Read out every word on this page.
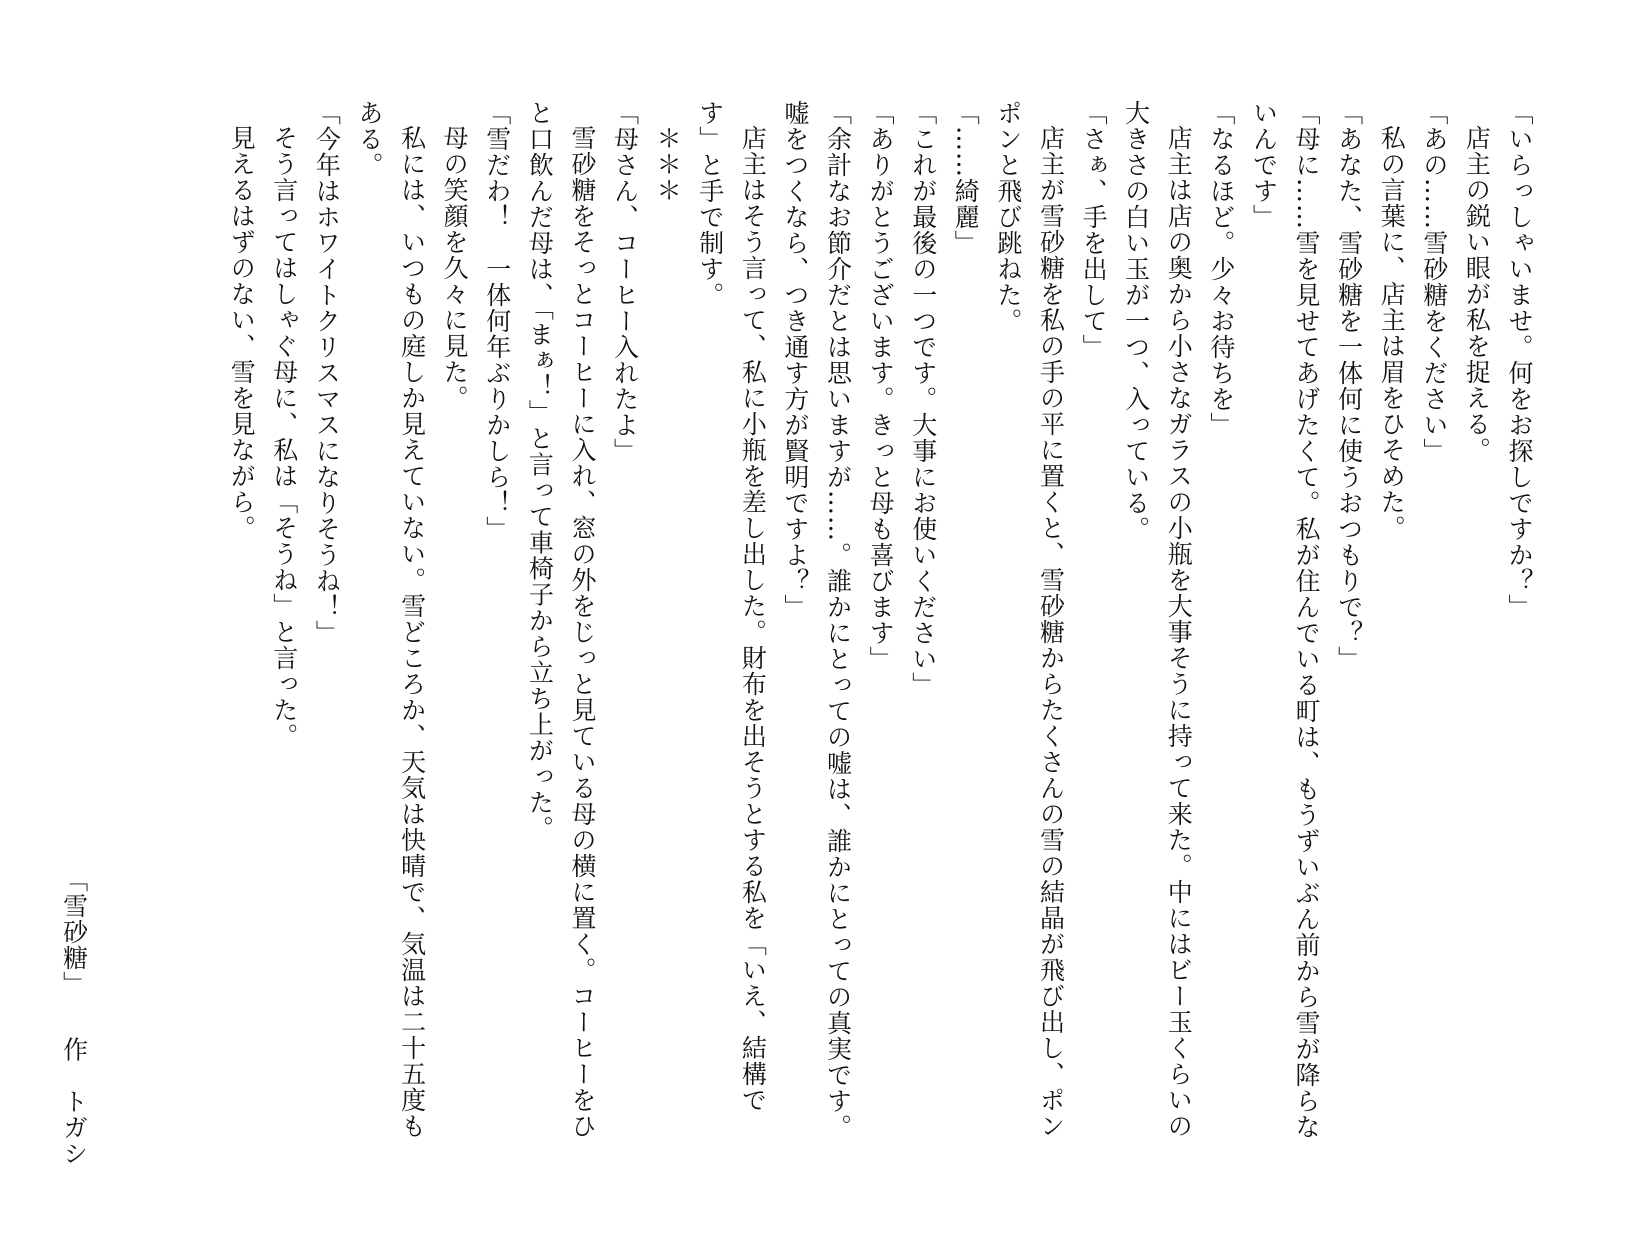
「いらっしゃいませ。何をお探しですか？」
店主の鋭い眼が私を捉える。
「あの……雪砂糖をください」
私の言葉に、店主は眉をひそめた。
「あなた、雪砂糖を一体何に使うおつもりで？」
「母に……雪を見せてあげたくて。私が住んでいる町は、もうずいぶん前から雪が降らないんです」
「なるほど。少々お待ちを」
店主は店の奥から小さなガラスの小瓶を大事そうに持って来た。中にはビー玉くらいの大きさの白い玉が一つ、入っている。
「さぁ、手を出して」
店主が雪砂糖を私の手の平に置くと、雪砂糖からたくさんの雪の結晶が飛び出し、ポンポンと飛び跳ねた。
「……綺麗」
「これが最後の一つです。大事にお使いください」
「ありがとうございます。きっと母も喜びます」
「余計なお節介だとは思いますが……。誰かにとっての嘘は、誰かにとっての真実です。嘘をつくなら、つき通す方が賢明ですよ？」
店主はそう言って、私に小瓶を差し出した。財布を出そうとする私を「いえ、結構です」と手で制す。
＊＊＊
「母さん、コーヒー入れたよ」
雪砂糖をそっとコーヒーに入れ、窓の外をじっと見ている母の横に置く。コーヒーをひと口飲んだ母は、「まぁ！」と言って車椅子から立ち上がった。
「雪だわ！　一体何年ぶりかしら！」
母の笑顔を久々に見た。
私には、いつもの庭しか見えていない。雪どころか、天気は快晴で、気温は二十五度もある。
「今年はホワイトクリスマスになりそうね！」
そう言ってはしゃぐ母に、私は「そうね」と言った。
見えるはずのない、雪を見ながら。
「雪砂糖」　　作　トガシ
